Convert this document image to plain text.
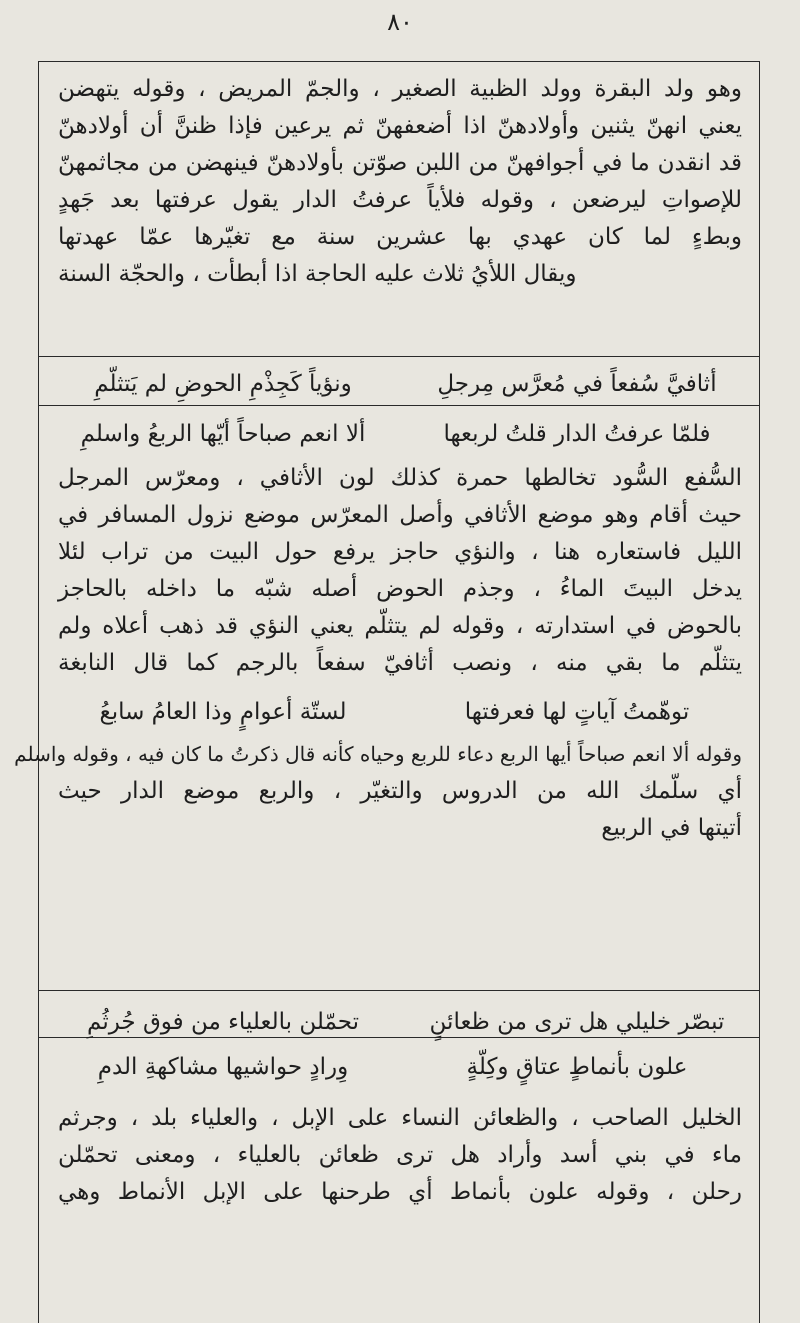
٨٠
وهو ولد البقرة وولد الظبية الصغير ، والجمّ المريض ، وقوله يتهضن
يعني انهنّ يثنين وأولادهنّ اذا أضعفهنّ ثم يرعين فإذا ظننَّ أن أولادهنّ
قد انقدن ما في أجوافهنّ من اللبن صوّتن بأولادهنّ فينهضن من مجاثمهنّ
للإصواتِ ليرضعن ، وقوله فلأياً عرفتُ الدار يقول عرفتها بعد جَهدٍ
وبطءٍ لما كان عهدي بها عشرين سنة مع تغيّرها عمّا عهدتها
ويقال اللأيُ ثلاث عليه الحاجة اذا أبطأت ، والحجّة السنة
أثافيَّ سُفعاً في مُعرَّس مِرجلِ
ونؤياً كَجِذْمِ الحوضِ لم يَتثلّمِ
فلمّا عرفتُ الدار قلتُ لربعها
ألا انعم صباحاً أيّها الربعُ واسلمِ
السُّفع السُّود تخالطها حمرة كذلك لون الأثافي ، ومعرّس المرجل
حيث أقام وهو موضع الأثافي وأصل المعرّس موضع نزول المسافر في
الليل فاستعاره هنا ، والنؤي حاجز يرفع حول البيت من تراب لئلا
يدخل البيتَ الماءُ ، وجذم الحوض أصله شبّه ما داخله بالحاجز
بالحوض في استدارته ، وقوله لم يتثلّم يعني النؤي قد ذهب أعلاه ولم
يتثلّم ما بقي منه ، ونصب أثافيّ سفعاً بالرجم كما قال النابغة
توهّمتُ آياتٍ لها فعرفتها
لستّة أعوامٍ وذا العامُ سابعُ
وقوله ألا انعم صباحاً أيها الربع دعاء للربع وحياه كأنه قال ذكرتُ ما كان فيه ، وقوله واسلم
أي سلّمك الله من الدروس والتغيّر ، والربع موضع الدار حيث
أتيتها في الربيع
تبصّر خليلي هل ترى من ظعائنٍ
تحمّلن بالعلياء من فوق جُرثُمِ
علون بأنماطٍ عتاقٍ وكِلّةٍ
وِرادٍ حواشيها مشاكهةِ الدمِ
الخليل الصاحب ، والظعائن النساء على الإبل ، والعلياء بلد ، وجرثم
ماء في بني أسد وأراد هل ترى ظعائن بالعلياء ، ومعنى تحمّلن
رحلن ، وقوله علون بأنماط أي طرحنها على الإبل الأنماط وهي
